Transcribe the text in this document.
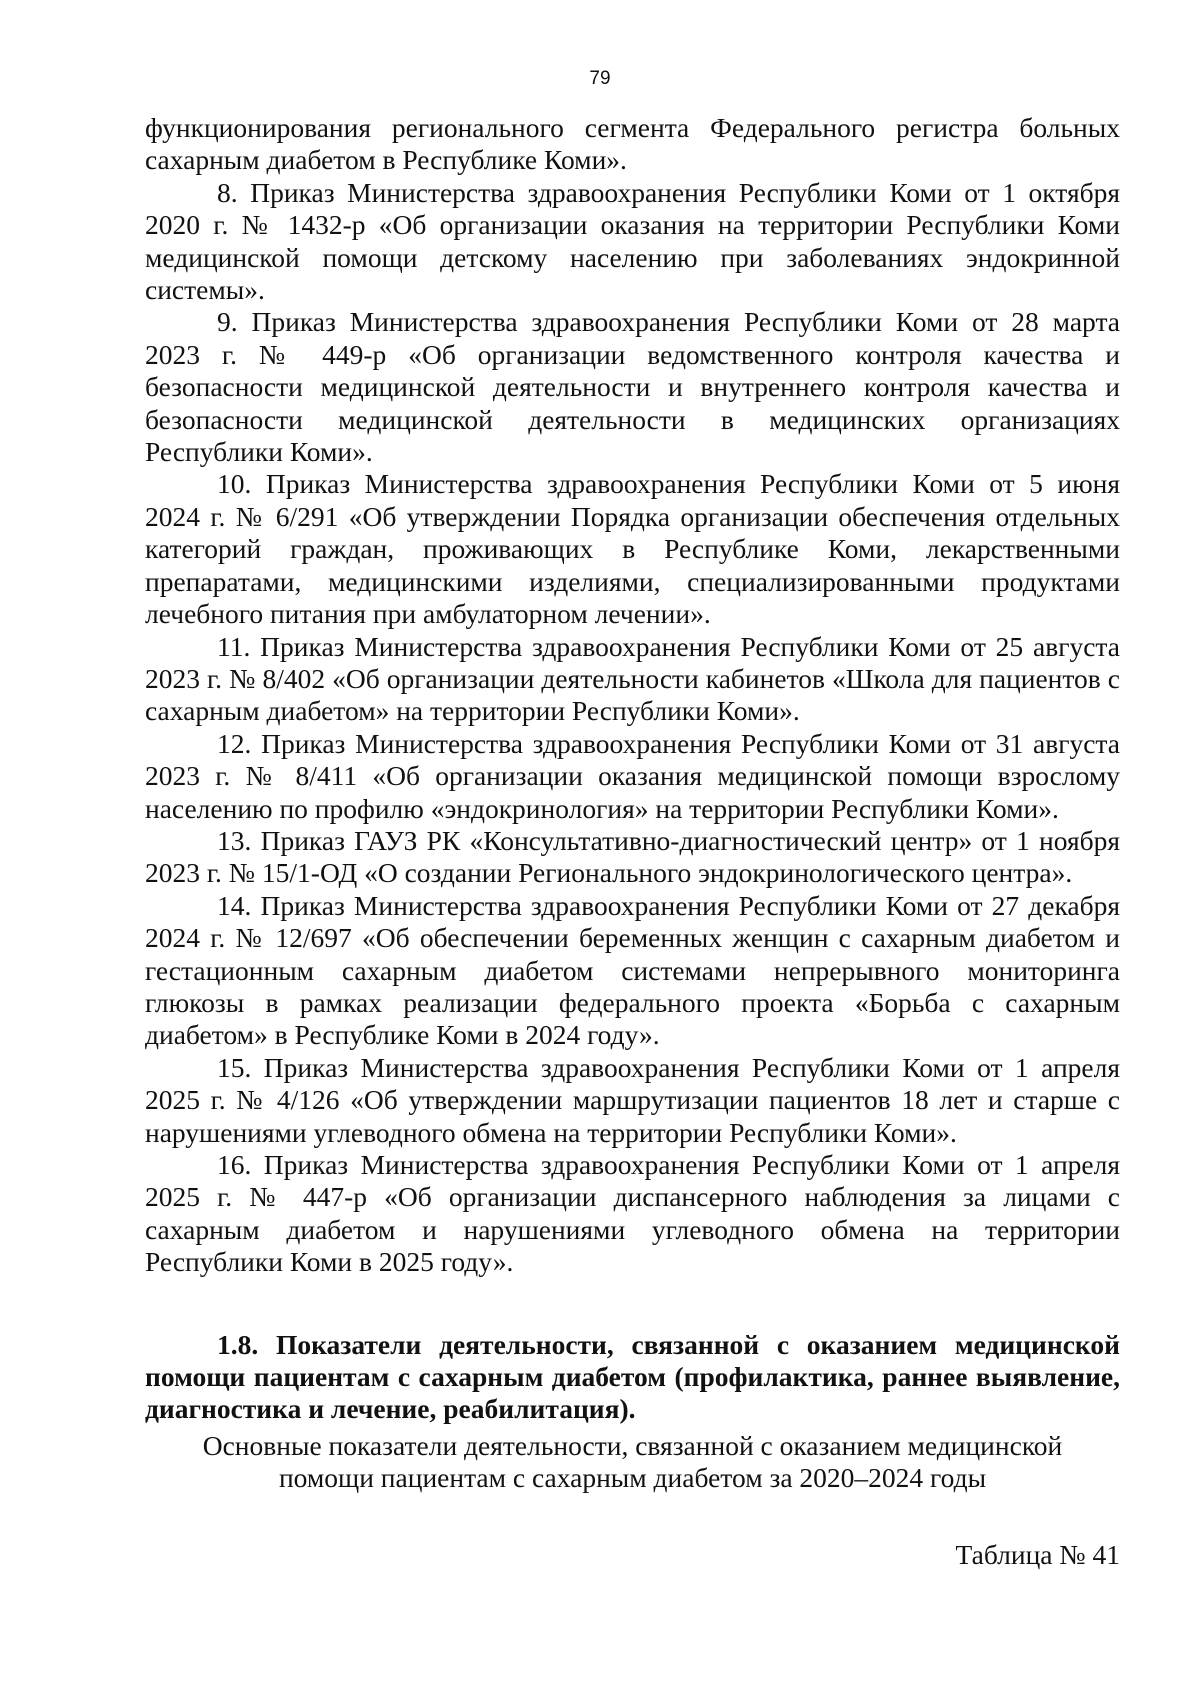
79

функционирования регионального сегмента Федерального регистра больных сахарным диабетом в Республике Коми».

8. Приказ Министерства здравоохранения Республики Коми от 1 октября 2020 г. № 1432-р «Об организации оказания на территории Республики Коми медицинской помощи детскому населению при заболеваниях эндокринной системы».

9. Приказ Министерства здравоохранения Республики Коми от 28 марта 2023 г. № 449-р «Об организации ведомственного контроля качества и безопасности медицинской деятельности и внутреннего контроля качества и безопасности медицинской деятельности в медицинских организациях Республики Коми».

10. Приказ Министерства здравоохранения Республики Коми от 5 июня 2024 г. № 6/291 «Об утверждении Порядка организации обеспечения отдельных категорий граждан, проживающих в Республике Коми, лекарственными препаратами, медицинскими изделиями, специализированными продуктами лечебного питания при амбулаторном лечении».

11. Приказ Министерства здравоохранения Республики Коми от 25 августа 2023 г. № 8/402 «Об организации деятельности кабинетов «Школа для пациентов с сахарным диабетом» на территории Республики Коми».

12. Приказ Министерства здравоохранения Республики Коми от 31 августа 2023 г. № 8/411 «Об организации оказания медицинской помощи взрослому населению по профилю «эндокринология» на территории Республики Коми».

13. Приказ ГАУЗ РК «Консультативно-диагностический центр» от 1 ноября 2023 г. № 15/1-ОД «О создании Регионального эндокринологического центра».

14. Приказ Министерства здравоохранения Республики Коми от 27 декабря 2024 г. № 12/697 «Об обеспечении беременных женщин с сахарным диабетом и гестационным сахарным диабетом системами непрерывного мониторинга глюкозы в рамках реализации федерального проекта «Борьба с сахарным диабетом» в Республике Коми в 2024 году».

15. Приказ Министерства здравоохранения Республики Коми от 1 апреля 2025 г. № 4/126 «Об утверждении маршрутизации пациентов 18 лет и старше с нарушениями углеводного обмена на территории Республики Коми».

16. Приказ Министерства здравоохранения Республики Коми от 1 апреля 2025 г. № 447-р «Об организации диспансерного наблюдения за лицами с сахарным диабетом и нарушениями углеводного обмена на территории Республики Коми в 2025 году».

1.8. Показатели деятельности, связанной с оказанием медицинской помощи пациентам с сахарным диабетом (профилактика, раннее выявление, диагностика и лечение, реабилитация).

Основные показатели деятельности, связанной с оказанием медицинской
помощи пациентам с сахарным диабетом за 2020–2024 годы

Таблица № 41
